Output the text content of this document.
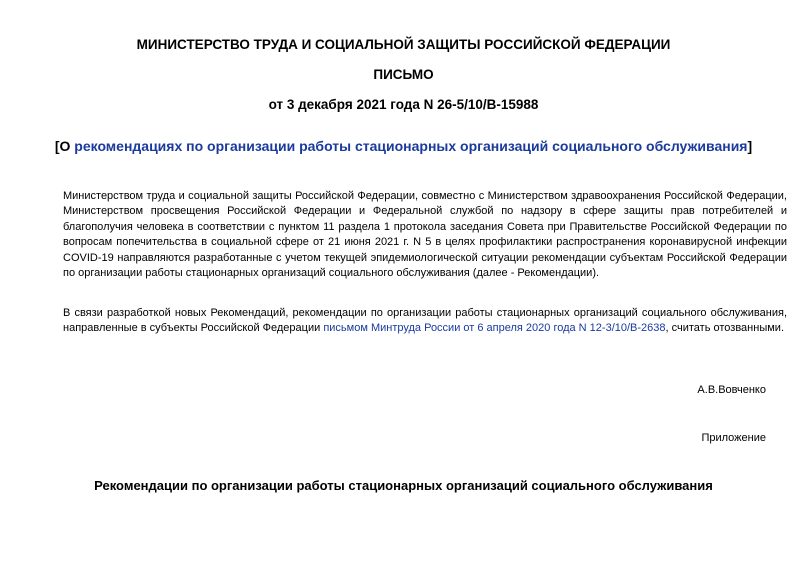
МИНИСТЕРСТВО ТРУДА И СОЦИАЛЬНОЙ ЗАЩИТЫ РОССИЙСКОЙ ФЕДЕРАЦИИ
ПИСЬМО
от 3 декабря 2021 года N 26-5/10/В-15988
[О рекомендациях по организации работы стационарных организаций социального обслуживания]
Министерством труда и социальной защиты Российской Федерации, совместно с Министерством здравоохранения Российской Федерации, Министерством просвещения Российской Федерации и Федеральной службой по надзору в сфере защиты прав потребителей и благополучия человека в соответствии с пунктом 11 раздела 1 протокола заседания Совета при Правительстве Российской Федерации по вопросам попечительства в социальной сфере от 21 июня 2021 г. N 5 в целях профилактики распространения коронавирусной инфекции COVID-19 направляются разработанные с учетом текущей эпидемиологической ситуации рекомендации субъектам Российской Федерации по организации работы стационарных организаций социального обслуживания (далее - Рекомендации).
В связи разработкой новых Рекомендаций, рекомендации по организации работы стационарных организаций социального обслуживания, направленные в субъекты Российской Федерации письмом Минтруда России от 6 апреля 2020 года N 12-3/10/В-2638, считать отозванными.
А.В.Вовченко
Приложение
Рекомендации по организации работы стационарных организаций социального обслуживания
